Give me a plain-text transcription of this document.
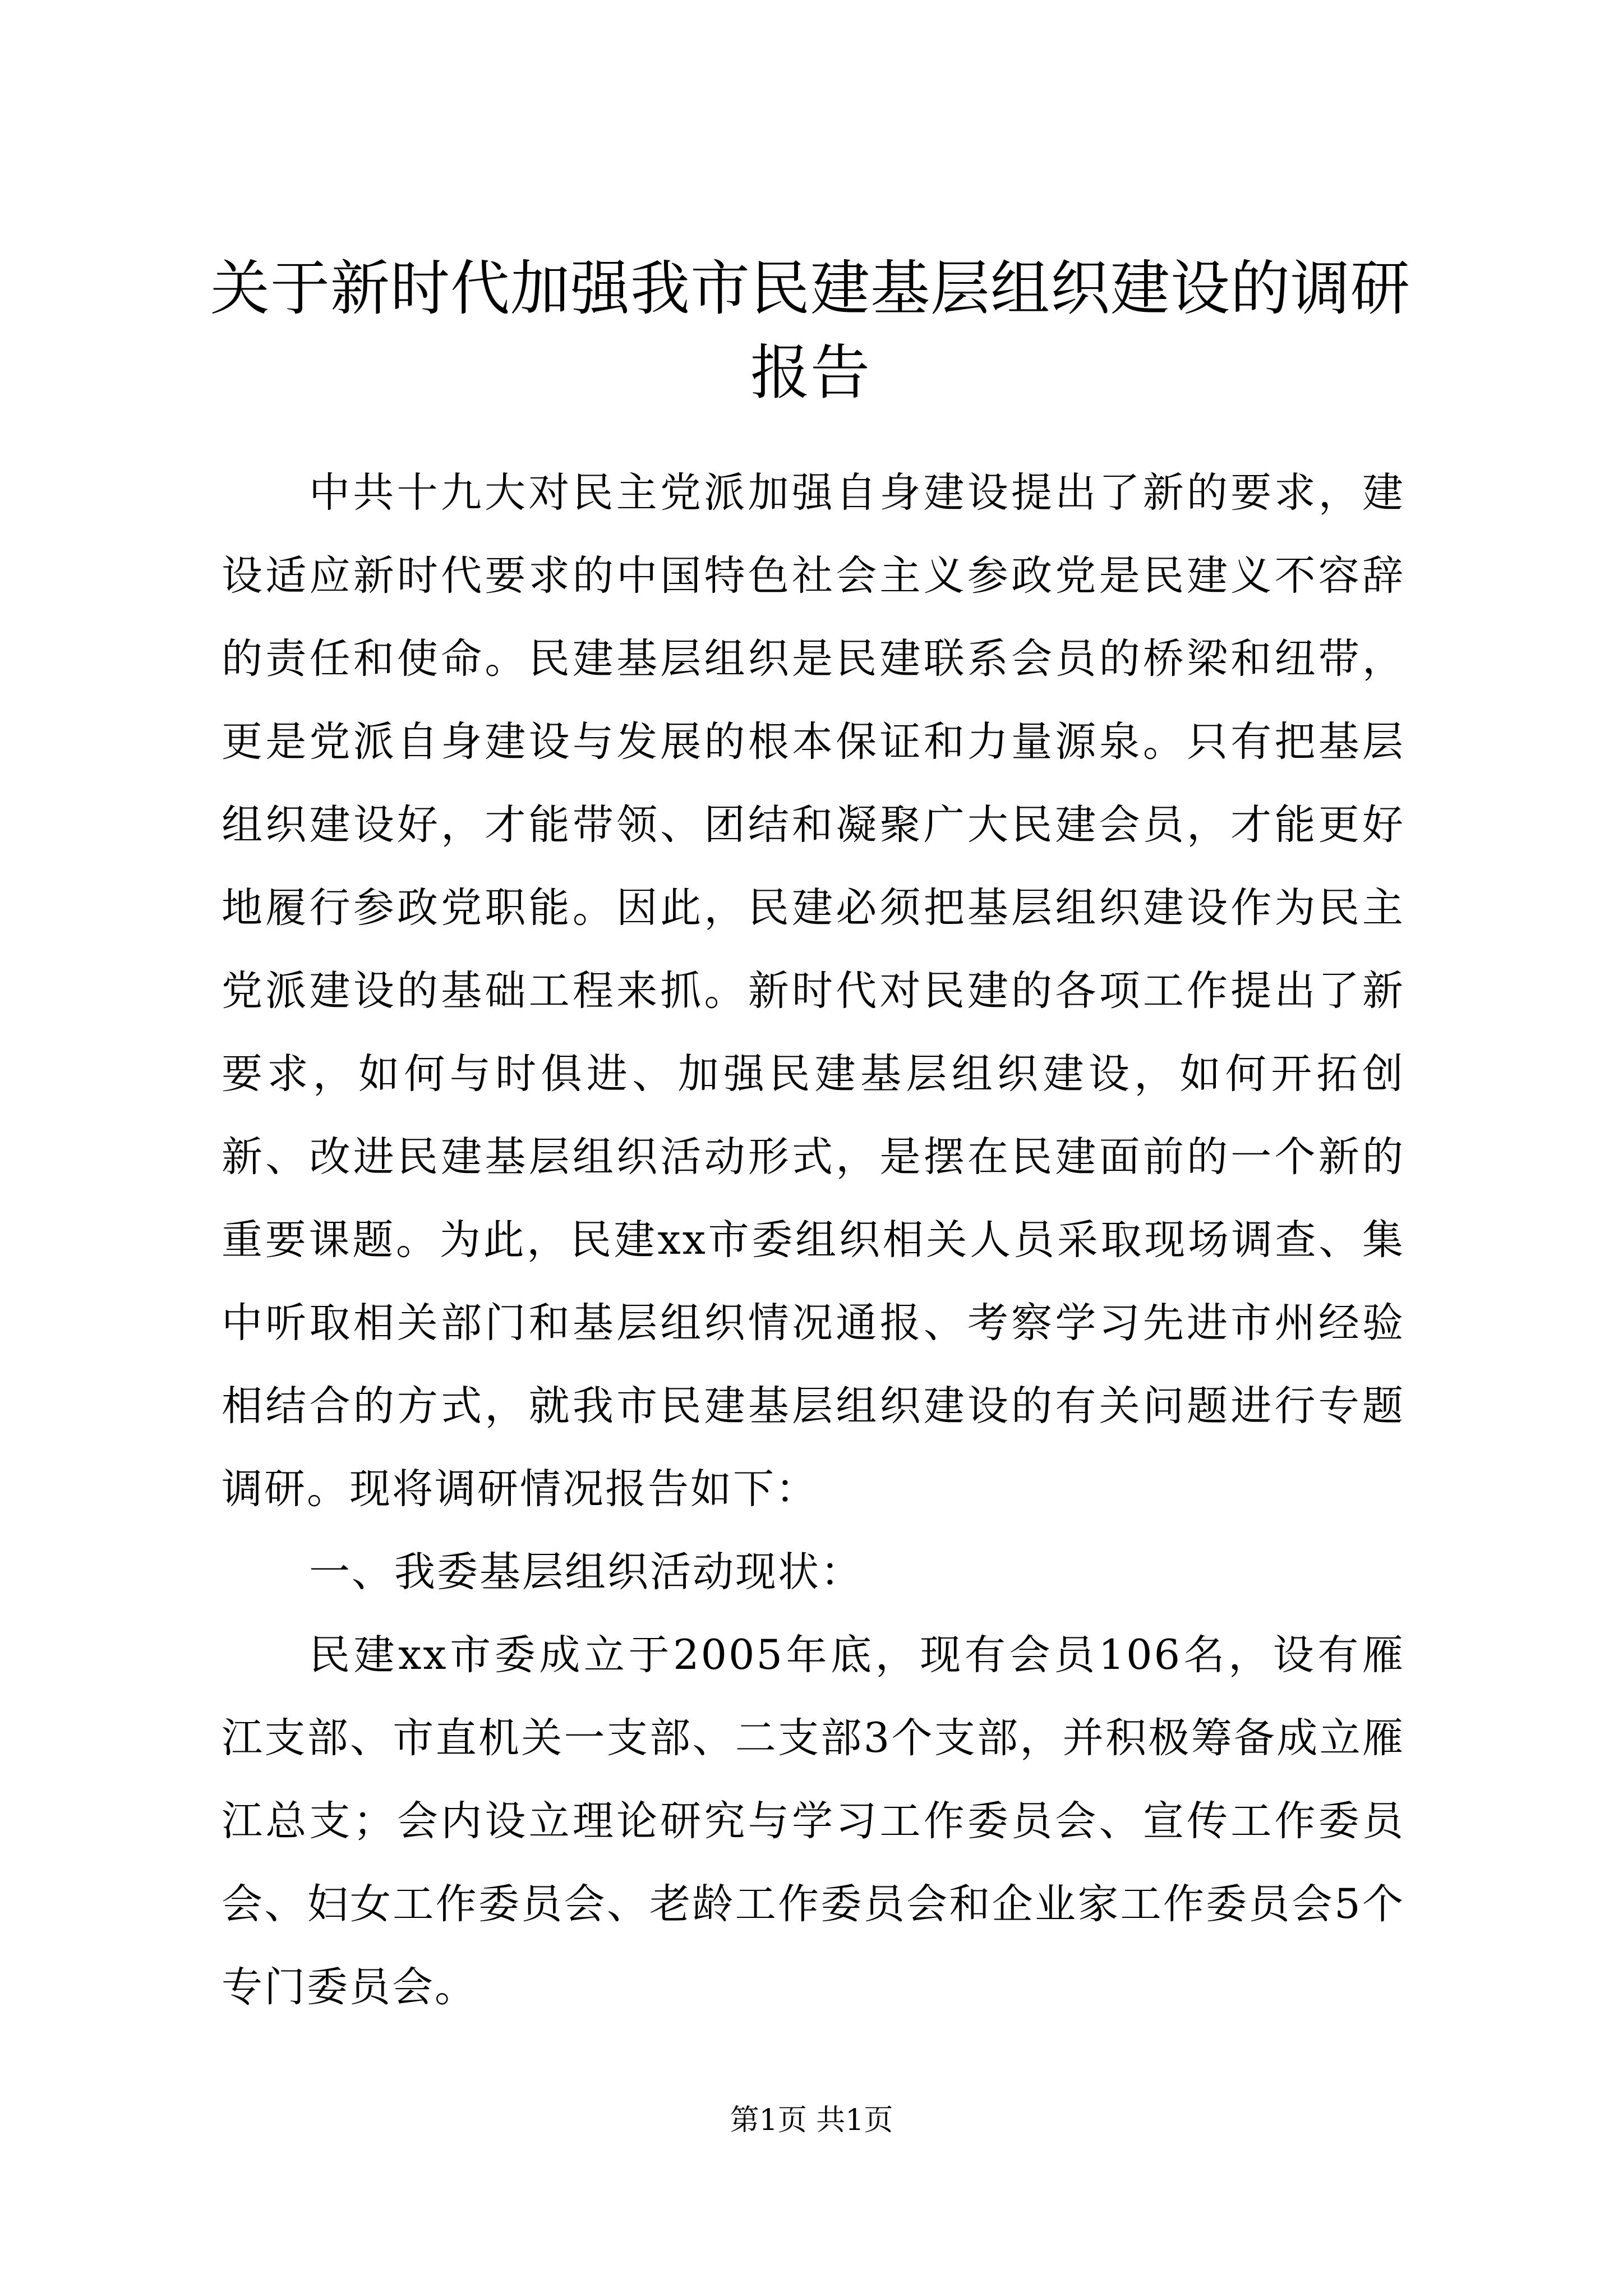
关于新时代加强我市民建基层组织建设的调研报告

中共十九大对民主党派加强自身建设提出了新的要求，建设适应新时代要求的中国特色社会主义参政党是民建义不容辞的责任和使命。民建基层组织是民建联系会员的桥梁和纽带，更是党派自身建设与发展的根本保证和力量源泉。只有把基层组织建设好，才能带领、团结和凝聚广大民建会员，才能更好地履行参政党职能。因此，民建必须把基层组织建设作为民主党派建设的基础工程来抓。新时代对民建的各项工作提出了新要求，如何与时俱进、加强民建基层组织建设，如何开拓创新、改进民建基层组织活动形式，是摆在民建面前的一个新的重要课题。为此，民建xx市委组织相关人员采取现场调查、集中听取相关部门和基层组织情况通报、考察学习先进市州经验相结合的方式，就我市民建基层组织建设的有关问题进行专题调研。现将调研情况报告如下：

一、我委基层组织活动现状：

民建xx市委成立于2005年底，现有会员106名，设有雁江支部、市直机关一支部、二支部3个支部，并积极筹备成立雁江总支；会内设立理论研究与学习工作委员会、宣传工作委员会、妇女工作委员会、老龄工作委员会和企业家工作委员会5个专门委员会。

第1页 共1页
